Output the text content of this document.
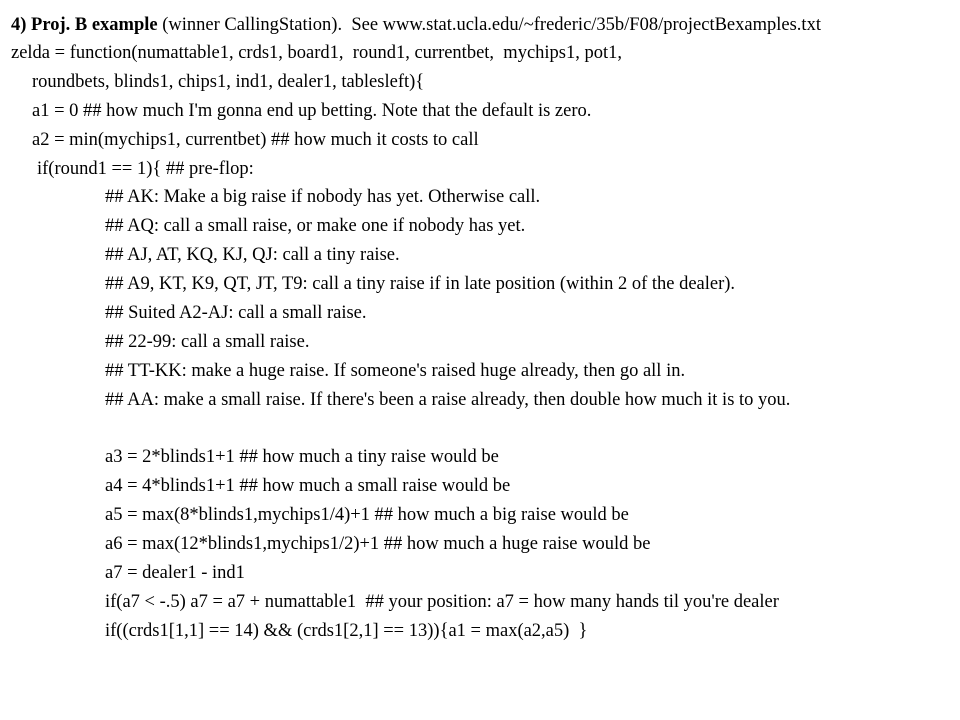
4) Proj. B example (winner CallingStation).  See www.stat.ucla.edu/~frederic/35b/F08/projectBexamples.txt
zelda = function(numattable1, crds1, board1,  round1, currentbet,  mychips1, pot1,
roundbets, blinds1, chips1, ind1, dealer1, tablesleft){
a1 = 0 ## how much I'm gonna end up betting. Note that the default is zero.
a2 = min(mychips1, currentbet) ## how much it costs to call
if(round1 == 1){ ## pre-flop:
## AK: Make a big raise if nobody has yet. Otherwise call.
## AQ: call a small raise, or make one if nobody has yet.
## AJ, AT, KQ, KJ, QJ: call a tiny raise.
## A9, KT, K9, QT, JT, T9: call a tiny raise if in late position (within 2 of the dealer).
## Suited A2-AJ: call a small raise.
## 22-99: call a small raise.
## TT-KK: make a huge raise. If someone's raised huge already, then go all in.
## AA: make a small raise. If there's been a raise already, then double how much it is to you.
a3 = 2*blinds1+1 ## how much a tiny raise would be
a4 = 4*blinds1+1 ## how much a small raise would be
a5 = max(8*blinds1,mychips1/4)+1 ## how much a big raise would be
a6 = max(12*blinds1,mychips1/2)+1 ## how much a huge raise would be
a7 = dealer1 - ind1
if(a7 < -.5) a7 = a7 + numattable1  ## your position: a7 = how many hands til you're dealer
if((crds1[1,1] == 14) && (crds1[2,1] == 13)){a1 = max(a2,a5)  }
